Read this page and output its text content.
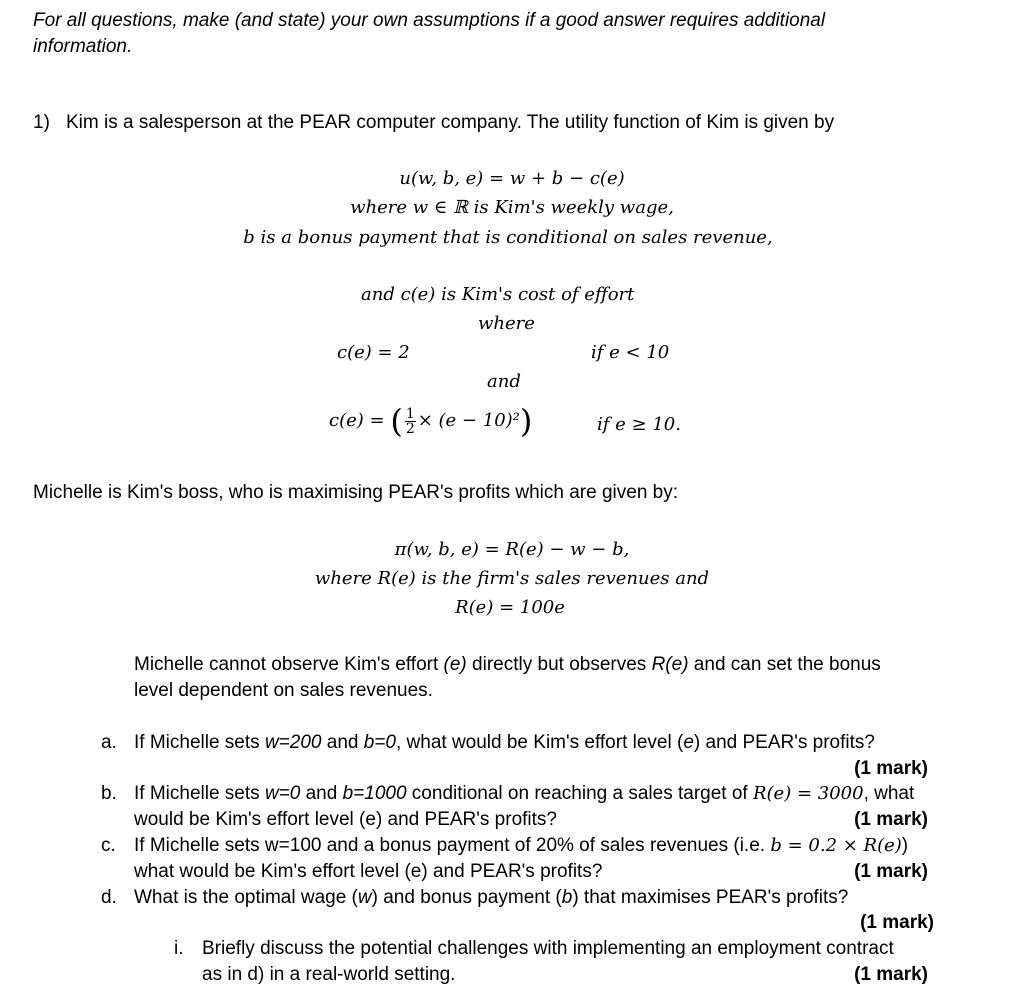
For all questions, make (and state) your own assumptions if a good answer requires additional
information.
1) Kim is a salesperson at the PEAR computer company. The utility function of Kim is given by
u(w, b, e) = w + b − c(e)
where w ∈ ℝ is Kim's weekly wage,
b is a bonus payment that is conditional on sales revenue,
and c(e) is Kim's cost of effort
where
c(e) = 2	if e < 10
and
c(e) = ( $\frac{1}{2} \times (e - 10)^2$)	if e ≥ 10.
Michelle is Kim's boss, who is maximising PEAR's profits which are given by:
π(w, b, e) = R(e) − w − b,
where R(e) is the firm's sales revenues and
R(e) = 100e
Michelle cannot observe Kim's effort (e) directly but observes R(e) and can set the bonus
level dependent on sales revenues.
a. If Michelle sets w=200 and b=0, what would be Kim's effort level (e) and PEAR's profits?
(1 mark)
b. If Michelle sets w=0 and b=1000 conditional on reaching a sales target of R(e) = 3000, what
would be Kim's effort level (e) and PEAR's profits?	(1 mark)
c. If Michelle sets w=100 and a bonus payment of 20% of sales revenues (i.e. b = 0.2 × R(e))
what would be Kim's effort level (e) and PEAR's profits?	(1 mark)
d. What is the optimal wage (w) and bonus payment (b) that maximises PEAR's profits?
(1 mark)
i. Briefly discuss the potential challenges with implementing an employment contract
as in d) in a real-world setting.	(1 mark)
